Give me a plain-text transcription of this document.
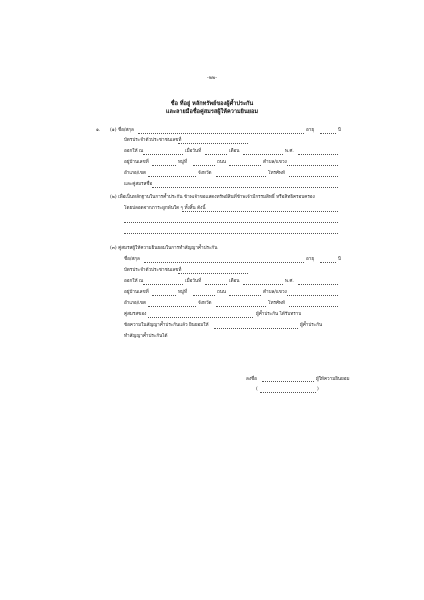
-๒๒-
ชื่อ ที่อยู่ หลักทรัพย์ของผู้ค้ำประกัน
และลายมือชื่อคู่สมรสผู้ให้ความยินยอม
๑. (๑) ชื่อ/สกุล	อายุ	ปี
บัตรประจำตัวประชาชนเลขที่
ออกให้ ณ	เมื่อวันที่	เดือน	พ.ศ.
อยู่บ้านเลขที่	หมู่ที่	ถนน	ตำบล/แขวง
อำเภอ/เขต	จังหวัด	โทรศัพท์
และคู่สมรสชื่อ
(๒) เพื่อเป็นหลักฐานในการค้ำประกัน ข้าพเจ้าขอแสดงทรัพย์สินที่ข้าพเจ้ามีกรรมสิทธิ์ หรือสิทธิครอบครอง
โดยปลอดจากภาระผูกพันใด ๆ ทั้งสิ้น ดังนี้
(๓) คู่สมรสผู้ให้ความยินยอมในการทำสัญญาค้ำประกัน
ชื่อ/สกุล	อายุ	ปี
บัตรประจำตัวประชาชนเลขที่
ออกให้ ณ	เมื่อวันที่	เดือน	พ.ศ.
อยู่บ้านเลขที่	หมู่ที่	ถนน	ตำบล/แขวง
อำเภอ/เขต	จังหวัด	โทรศัพท์
คู่สมรสของ	ผู้ค้ำประกัน ได้รับทราบ
ข้อความในสัญญาค้ำประกันแล้ว ยินยอมให้	ผู้ค้ำประกัน
ทำสัญญาค้ำประกันได้
ลงชื่อ	ผู้ให้ความยินยอม
(	)
